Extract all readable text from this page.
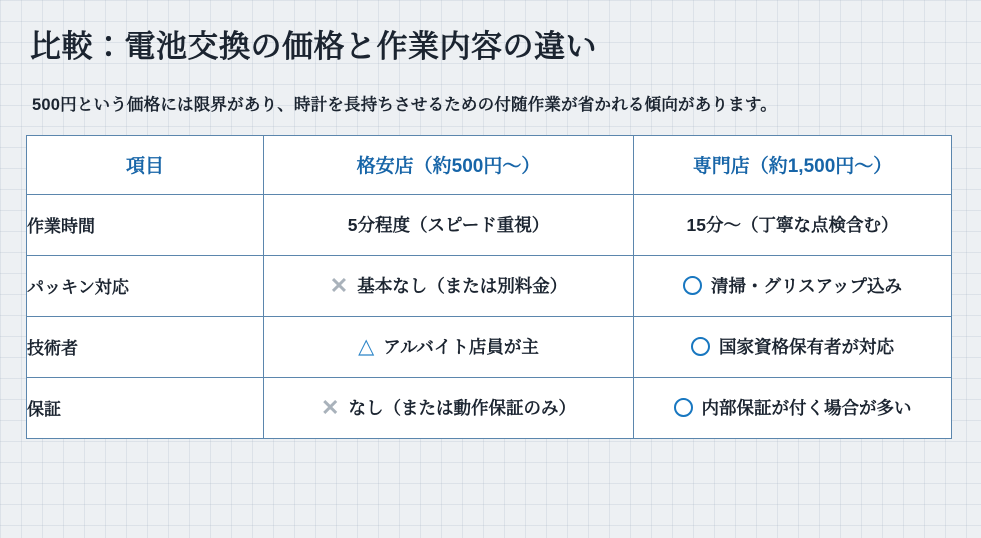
比較：電池交換の価格と作業内容の違い

500円という価格には限界があり、時計を長持ちさせるための付随作業が省かれる傾向があります。

項目	格安店（約500円〜）	専門店（約1,500円〜）
作業時間	5分程度（スピード重視）	15分〜（丁寧な点検含む）

パッキン対応	✕ 基本なし（または別料金）	清掃・グリスアップ込み

技術者	△ アルバイト店員が主	国家資格保有者が対応

保証	✕ なし（または動作保証のみ）	内部保証が付く場合が多い
